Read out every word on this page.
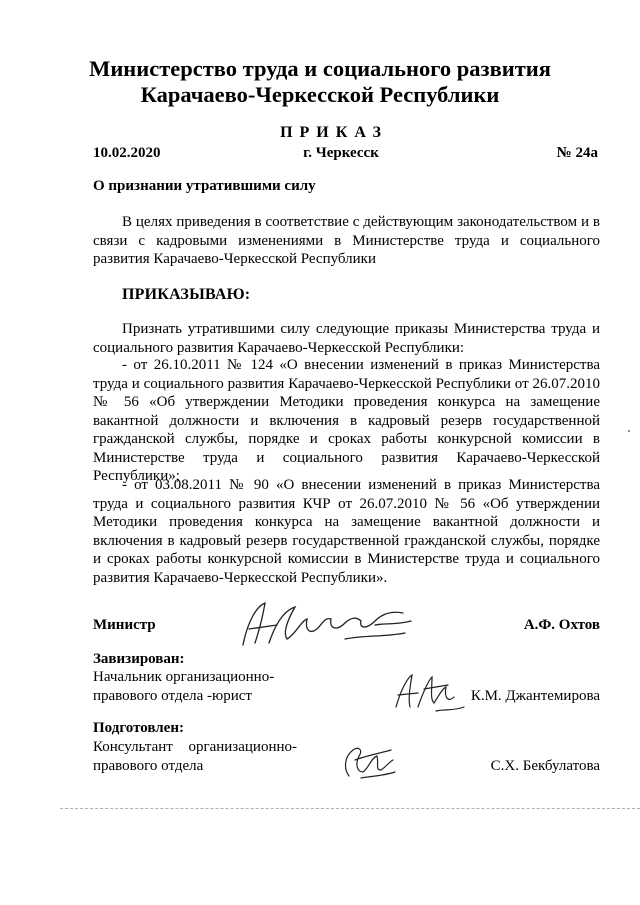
Министерство труда и социального развития
Карачаево-Черкесской Республики
ПРИКАЗ
10.02.2020	г. Черкесск	№ 24а
О признании утратившими силу
В целях приведения в соответствие с действующим законодательством и в связи с кадровыми изменениями в Министерстве труда и социального развития Карачаево-Черкесской Республики
ПРИКАЗЫВАЮ:
Признать утратившими силу следующие приказы Министерства труда и социального развития Карачаево-Черкесской Республики:
- от 26.10.2011 № 124 «О внесении изменений в приказ Министерства труда и социального развития Карачаево-Черкесской Республики от 26.07.2010 № 56 «Об утверждении Методики проведения конкурса на замещение вакантной должности и включения в кадровый резерв государственной гражданской службы, порядке и сроках работы конкурсной комиссии в Министерстве труда и социального развития Карачаево-Черкесской Республики»;
- от 03.08.2011 № 90 «О внесении изменений в приказ Министерства труда и социального развития КЧР от 26.07.2010 № 56 «Об утверждении Методики проведения конкурса на замещение вакантной должности и включения в кадровый резерв государственной гражданской службы, порядке и сроках работы конкурсной комиссии в Министерстве труда и социального развития Карачаево-Черкесской Республики».
Министр	А.Ф. Охтов
Завизирован:
Начальник организационно-
правового отдела -юрист	К.М. Джантемирова
Подготовлен:
Консультант организационно-
правового отдела	С.Х. Бекбулатова
